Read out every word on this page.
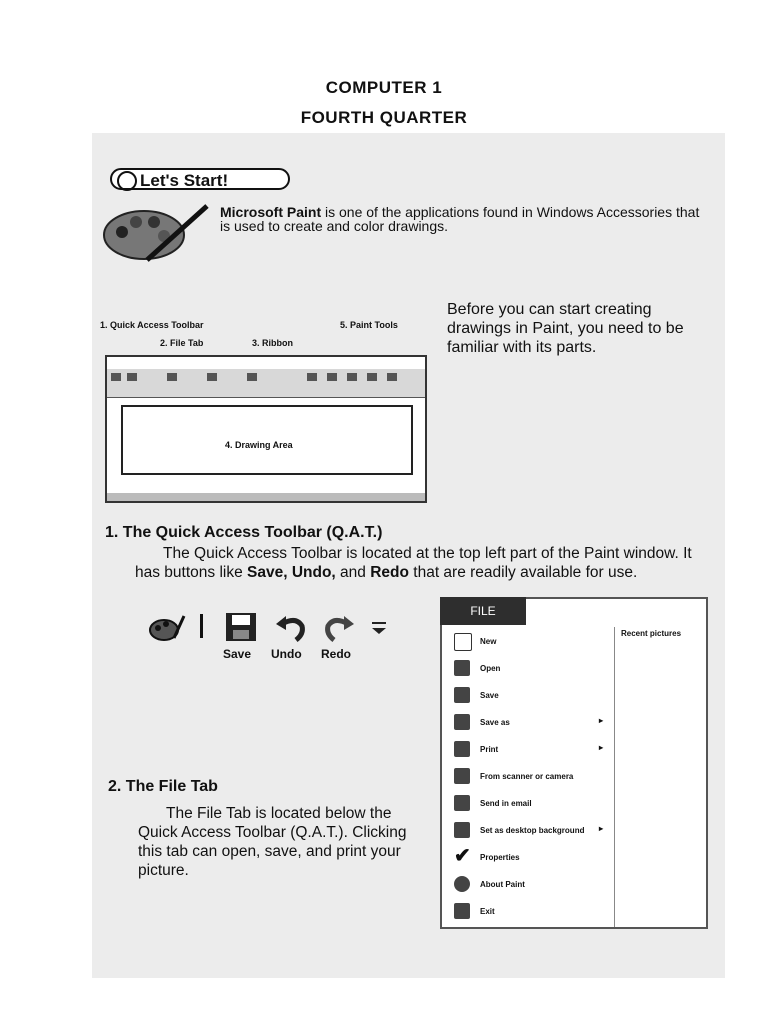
COMPUTER 1
FOURTH QUARTER
Let's Start!
Microsoft Paint is one of the applications found in Windows Accessories that is used to create and color drawings.
1. Quick Access Toolbar
2. File Tab	3. Ribbon
4. Drawing Area
5. Paint Tools
Before you can start creating drawings in Paint, you need to be familiar with its parts.
1. The Quick Access Toolbar (Q.A.T.)
The Quick Access Toolbar is located at the top left part of the Paint window. It has buttons like Save, Undo, and Redo that are readily available for use.
Save Undo Redo
2. The File Tab
The File Tab is located below the Quick Access Toolbar (Q.A.T.). Clicking this tab can open, save, and print your picture.
FILE
New
Open
Save
Save as	▸
Print	▸
From scanner or camera
Send in email
Set as desktop background ▸
✔ Properties
About Paint
Exit
Recent pictures
